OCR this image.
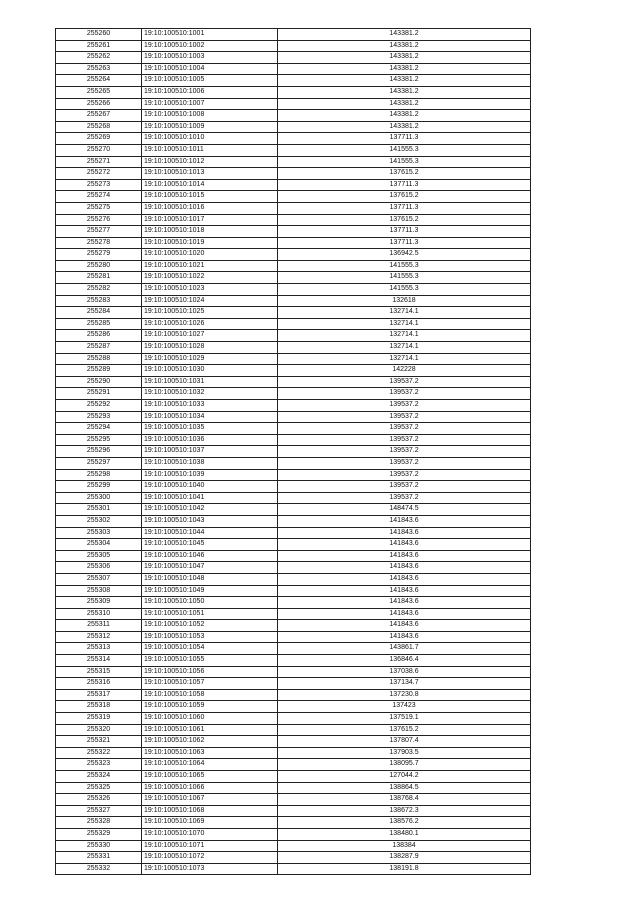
255260	19:10:100510:1001	143381.2
255261	19:10:100510:1002	143381.2
255262	19:10:100510:1003	143381.2
255263	19:10:100510:1004	143381.2
255264	19:10:100510:1005	143381.2
255265	19:10:100510:1006	143381.2
255266	19:10:100510:1007	143381.2
255267	19:10:100510:1008	143381.2
255268	19:10:100510:1009	143381.2
255269	19:10:100510:1010	137711.3
255270	19:10:100510:1011	141555.3
255271	19:10:100510:1012	141555.3
255272	19:10:100510:1013	137615.2
255273	19:10:100510:1014	137711.3
255274	19:10:100510:1015	137615.2
255275	19:10:100510:1016	137711.3
255276	19:10:100510:1017	137615.2
255277	19:10:100510:1018	137711.3
255278	19:10:100510:1019	137711.3
255279	19:10:100510:1020	136942.5
255280	19:10:100510:1021	141555.3
255281	19:10:100510:1022	141555.3
255282	19:10:100510:1023	141555.3
255283	19:10:100510:1024	132618
255284	19:10:100510:1025	132714.1
255285	19:10:100510:1026	132714.1
255286	19:10:100510:1027	132714.1
255287	19:10:100510:1028	132714.1
255288	19:10:100510:1029	132714.1
255289	19:10:100510:1030	142228
255290	19:10:100510:1031	139537.2
255291	19:10:100510:1032	139537.2
255292	19:10:100510:1033	139537.2
255293	19:10:100510:1034	139537.2
255294	19:10:100510:1035	139537.2
255295	19:10:100510:1036	139537.2
255296	19:10:100510:1037	139537.2
255297	19:10:100510:1038	139537.2
255298	19:10:100510:1039	139537.2
255299	19:10:100510:1040	139537.2
255300	19:10:100510:1041	139537.2
255301	19:10:100510:1042	148474.5
255302	19:10:100510:1043	141843.6
255303	19:10:100510:1044	141843.6
255304	19:10:100510:1045	141843.6
255305	19:10:100510:1046	141843.6
255306	19:10:100510:1047	141843.6
255307	19:10:100510:1048	141843.6
255308	19:10:100510:1049	141843.6
255309	19:10:100510:1050	141843.6
255310	19:10:100510:1051	141843.6
255311	19:10:100510:1052	141843.6
255312	19:10:100510:1053	141843.6
255313	19:10:100510:1054	143861.7
255314	19:10:100510:1055	136846.4
255315	19:10:100510:1056	137038.6
255316	19:10:100510:1057	137134.7
255317	19:10:100510:1058	137230.8
255318	19:10:100510:1059	137423
255319	19:10:100510:1060	137519.1
255320	19:10:100510:1061	137615.2
255321	19:10:100510:1062	137807.4
255322	19:10:100510:1063	137903.5
255323	19:10:100510:1064	138095.7
255324	19:10:100510:1065	127044.2
255325	19:10:100510:1066	138864.5
255326	19:10:100510:1067	138768.4
255327	19:10:100510:1068	138672.3
255328	19:10:100510:1069	138576.2
255329	19:10:100510:1070	138480.1
255330	19:10:100510:1071	138384
255331	19:10:100510:1072	138287.9
255332	19:10:100510:1073	138191.8
